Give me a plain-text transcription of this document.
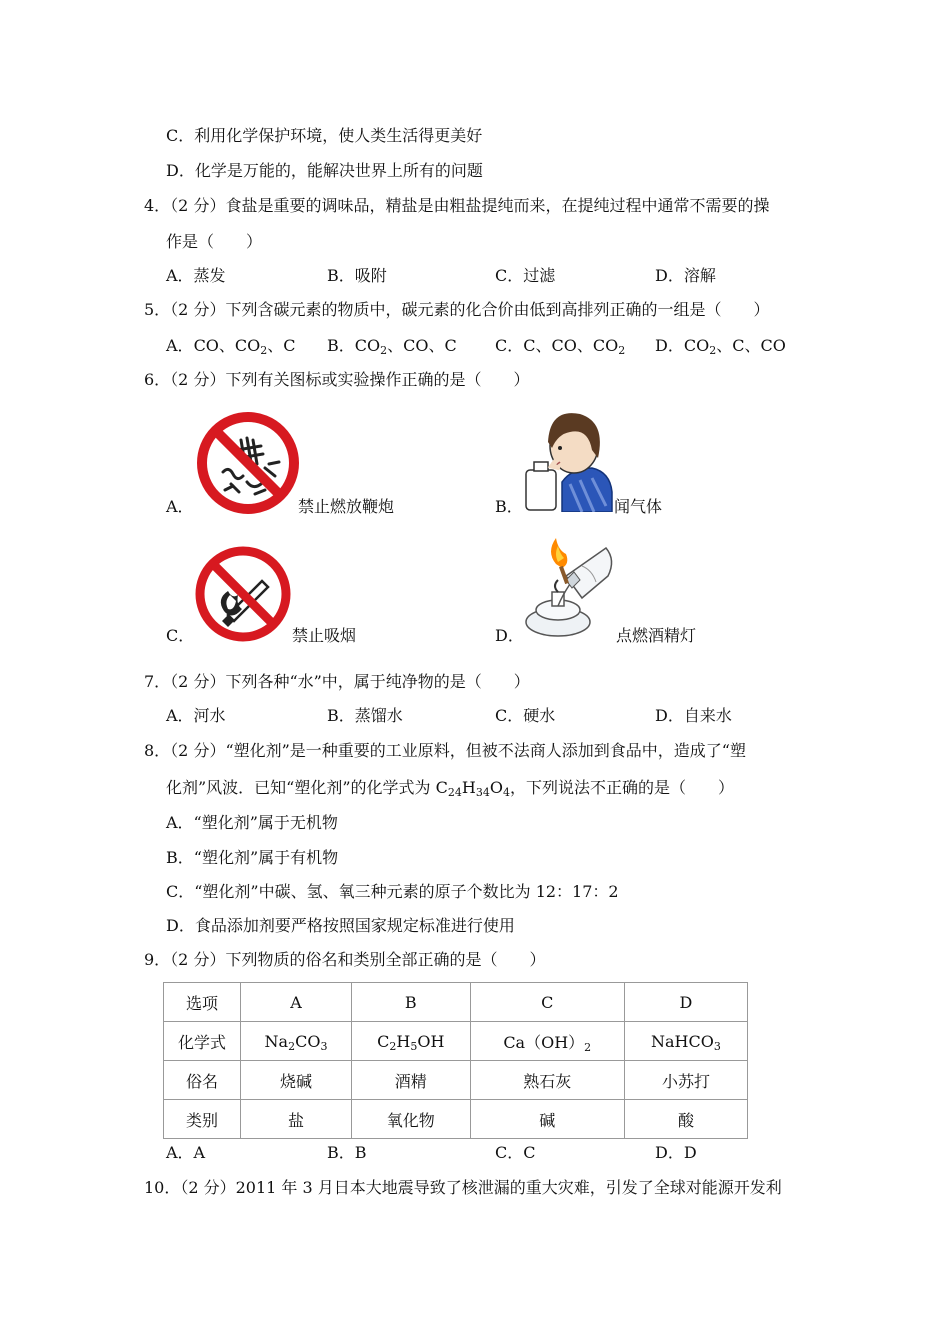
C．利用化学保护环境，使人类生活得更美好
D．化学是万能的，能解决世界上所有的问题
4．（2 分）食盐是重要的调味品，精盐是由粗盐提纯而来，在提纯过程中通常不需要的操
作是（　　）
A．蒸发	B．吸附	C．过滤	D．溶解
5．（2 分）下列含碳元素的物质中，碳元素的化合价由低到高排列正确的一组是（　　）
A．CO、$CO_2$、C B．$CO_2$、CO、C C．C、CO、$CO_2$ D．$CO_2$、C、CO
6．（2 分）下列有关图标或实验操作正确的是（　　）
A．	禁止燃放鞭炮	B．	闻气体
C．	禁止吸烟	D．	点燃酒精灯
7．（2 分）下列各种“水”中，属于纯净物的是（　　）
A．河水	B．蒸馏水	C．硬水	D．自来水
8．（2 分）“塑化剂”是一种重要的工业原料，但被不法商人添加到食品中，造成了“塑
化剂”风波．已知“塑化剂”的化学式为 $C_{24}H_{34}O_4$，下列说法不正确的是（　　）
A．“塑化剂”属于无机物
B．“塑化剂”属于有机物
C．“塑化剂”中碳、氢、氧三种元素的原子个数比为 12：17：2
D．食品添加剂要严格按照国家规定标准进行使用
9．（2 分）下列物质的俗名和类别全部正确的是（　　）
选项	A	B	C	D
化学式	$Na_2CO_3$	$C_2H_5OH$	$Ca(OH)_2$	NaHCO$_3$
俗名	烧碱	酒精	熟石灰	小苏打
类别	盐	氧化物	碱	酸
A．A	B．B	C．C	D．D
10．（2 分）2011 年 3 月日本大地震导致了核泄漏的重大灾难，引发了全球对能源开发利
